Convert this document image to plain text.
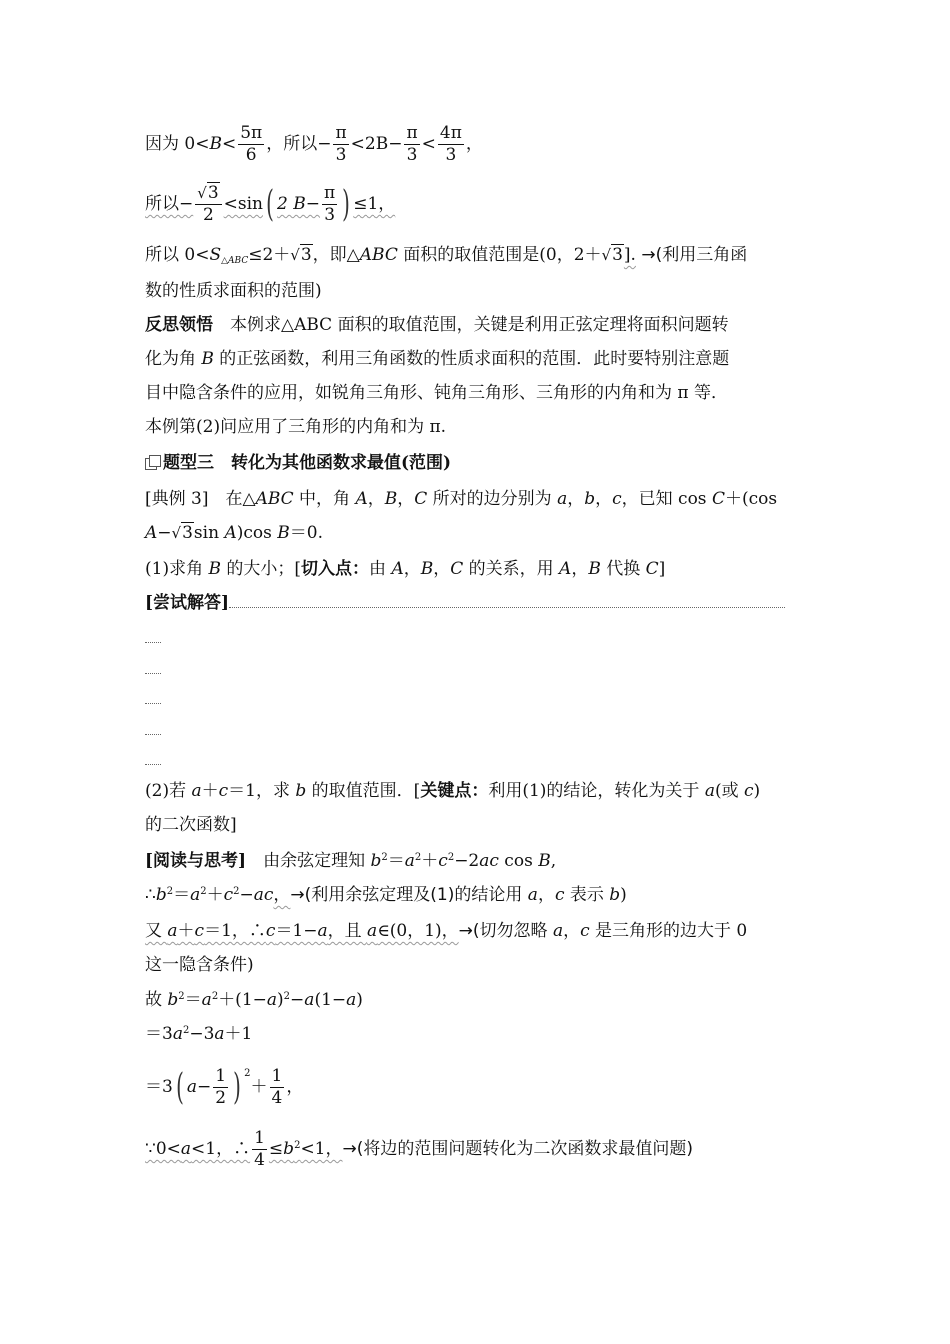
因为 $0<B< \frac{5\pi}{6}$ ，所以− $\frac{\pi}{3} <2B- \frac{\pi}{3} < \frac{4\pi}{3}$ ，
所以− $\frac{√3}{2} <\sin$( 2 $B- \frac{\pi}{3}$ ) ≤1，
所以 $0<S_{\triangle ABC}\le 2+√3$，即△ABC 面积的取值范围是(0，2＋√3]. →(利用三角函
数的性质求面积的范围)
反思领悟　本例求△ABC 面积的取值范围，关键是利用正弦定理将面积问题转
化为角 B 的正弦函数，利用三角函数的性质求面积的范围．此时要特别注意题
目中隐含条件的应用，如锐角三角形、钝角三角形、三角形的内角和为 π 等．
本例第(2)问应用了三角形的内角和为 π.
题型三　转化为其他函数求最值(范围)
[典例 3]　在△ABC 中，角 A，B，C 所对的边分别为 a，b，c，已知 cos C＋(cos
A−√3sin A)cos B＝0.
(1)求角 B 的大小；[切入点：由 A，B，C 的关系，用 A，B 代换 C]
[尝试解答]
(2)若 a＋c＝1，求 b 的取值范围．[关键点：利用(1)的结论，转化为关于 a(或 c)
的二次函数]
[阅读与思考]　由余弦定理知 $b^2=a^2+c^2-2ac$ cos B,
$\therefore b^2=a^2+c^2-ac$，→(利用余弦定理及(1)的结论用 a，c 表示 b)
又 a＋c＝1，∴c＝1−a，且 a∈(0，1)，→(切勿忽略 a，c 是三角形的边大于 0
这一隐含条件)
故 $b^2=a^2+(1-a)^2-a(1-a)$
$=3a^2-3a+1$
＝3( $a- \frac{1}{2}$ ) $^2+ \frac{1}{4}$ ，
∵0<a<1，∴ $\frac{1}{4} \le b^2<1$，→(将边的范围问题转化为二次函数求最值问题)
